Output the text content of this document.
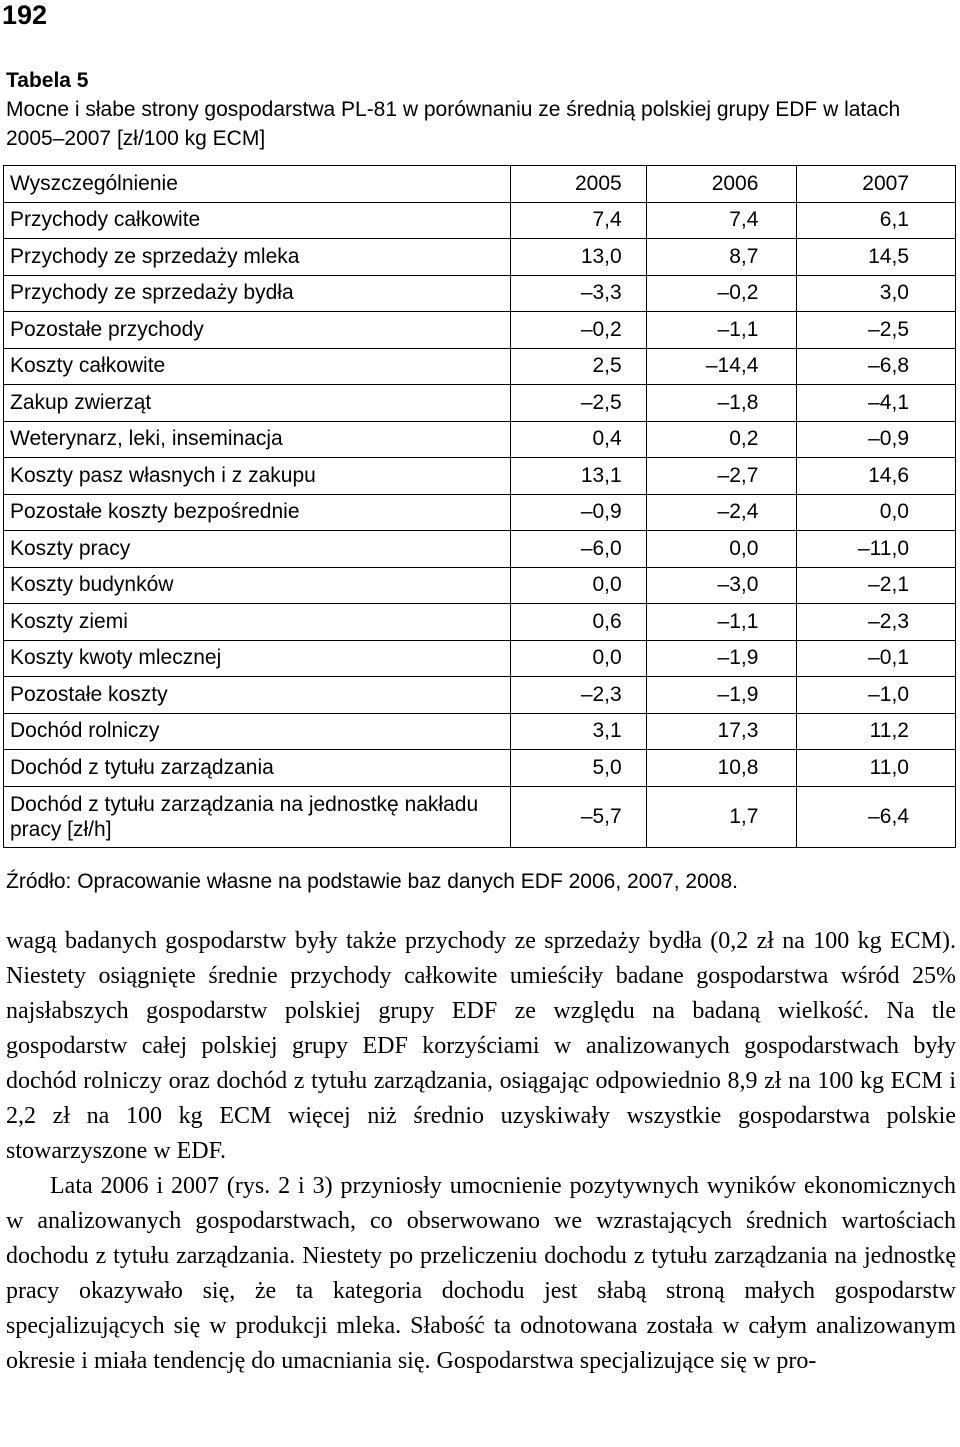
192
Tabela 5
Mocne i słabe strony gospodarstwa PL-81 w porównaniu ze średnią polskiej grupy EDF w latach 2005–2007 [zł/100 kg ECM]
Wyszczególnienie	2005	2006	2007
Przychody całkowite	7,4	7,4	6,1
Przychody ze sprzedaży mleka	13,0	8,7	14,5
Przychody ze sprzedaży bydła	–3,3	–0,2	3,0
Pozostałe przychody	–0,2	–1,1	–2,5
Koszty całkowite	2,5	–14,4	–6,8
Zakup zwierząt	–2,5	–1,8	–4,1
Weterynarz, leki, inseminacja	0,4	0,2	–0,9
Koszty pasz własnych i z zakupu	13,1	–2,7	14,6
Pozostałe koszty bezpośrednie	–0,9	–2,4	0,0
Koszty pracy	–6,0	0,0	–11,0
Koszty budynków	0,0	–3,0	–2,1
Koszty ziemi	0,6	–1,1	–2,3
Koszty kwoty mlecznej	0,0	–1,9	–0,1
Pozostałe koszty	–2,3	–1,9	–1,0
Dochód rolniczy	3,1	17,3	11,2
Dochód z tytułu zarządzania	5,0	10,8	11,0
Dochód z tytułu zarządzania na jednostkę nakładu pracy [zł/h]	–5,7	1,7	–6,4
Źródło: Opracowanie własne na podstawie baz danych EDF 2006, 2007, 2008.

wagą badanych gospodarstw były także przychody ze sprzedaży bydła (0,2 zł na 100 kg ECM). Niestety osiągnięte średnie przychody całkowite umieściły badane gospodarstwa wśród 25% najsłabszych gospodarstw polskiej grupy EDF ze względu na badaną wielkość. Na tle gospodarstw całej polskiej grupy EDF korzyściami w analizowanych gospodarstwach były dochód rolniczy oraz dochód z tytułu zarządzania, osiągając odpowiednio 8,9 zł na 100 kg ECM i 2,2 zł na 100 kg ECM więcej niż średnio uzyskiwały wszystkie gospodarstwa polskie stowarzyszone w EDF.

Lata 2006 i 2007 (rys. 2 i 3) przyniosły umocnienie pozytywnych wyników ekonomicznych w analizowanych gospodarstwach, co obserwowano we wzrastających średnich wartościach dochodu z tytułu zarządzania. Niestety po przeliczeniu dochodu z tytułu zarządzania na jednostkę pracy okazywało się, że ta kategoria dochodu jest słabą stroną małych gospodarstw specjalizujących się w produkcji mleka. Słabość ta odnotowana została w całym analizowanym okresie i miała tendencję do umacniania się. Gospodarstwa specjalizujące się w pro-
